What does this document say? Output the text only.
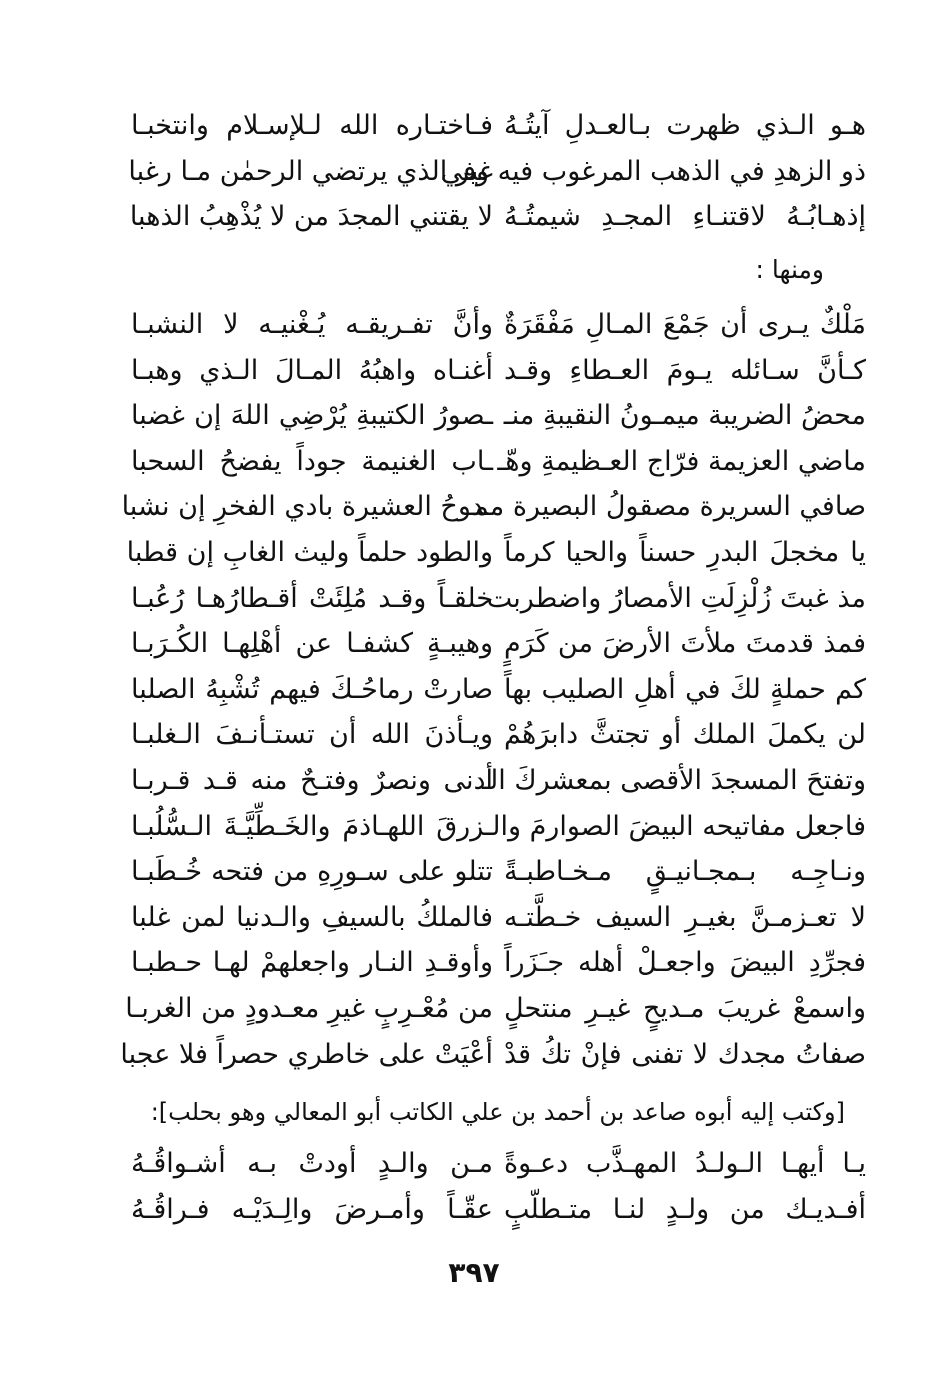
هـو الـذي ظهرت بـالعـدلِ آيتُـهُ
فـاختـاره الله لـلإسـلام وانتخبـا
ذو الزهدِ في الذهب المرغوب فيه وفي
غير الذي يرتضي الرحمٰن مـا رغبا
إذهـابُـهُ لاقتنـاءِ المجـدِ شيمتُـهُ
لا يقتني المجدَ من لا يُذْهِبُ الذهبا
ومنها :
مَلْكٌ يـرى أن جَمْعَ المـالِ مَفْقَرَةٌ
وأنَّ تفـريقـه يُـغْنيـه لا النشبـا
كـأنَّ سـائله يـومَ العـطاءِ وقـد
أغنـاه واهبُهُ المـالَ الـذي وهبـا
محضُ الضريبة ميمـونُ النقيبةِ منـ
ـصورُ الكتيبةِ يُرْضِي اللهَ إن غضبا
ماضي العزيمة فرّاج العـظيمةِ وهّـ
ـاب الغنيمة جوداً يفضحُ السحبا
صافي السريرة مصقولُ البصيرة ممـ
ـدوحُ العشيرة بادي الفخرِ إن نشبا
يا مخجلَ البدرِ حسناً والحيا كرماً
والطود حلماً وليث الغابِ إن قطبا
مذ غبتَ زُلْزِلَتِ الأمصارُ واضطربت
خلقـاً وقـد مُلِئَتْ أقـطارُهـا رُعُبـا
فمذ قدمتَ ملأتَ الأرضَ من كَرَمٍ
وهيبـةٍ كشفـا عن أهْلِهـا الكُـرَبـا
كم حملةٍ لكَ في أهلِ الصليب بهاً
صارتْ رماحُـكَ فيهم تُشْبِهُ الصلبا
لن يكملَ الملك أو تجتثَّ دابرَهُمْ
ويـأذنَ الله أن تستـأنـفَ الـغلبـا
وتفتحَ المسجدَ الأقصى بمعشركَ الـ
أدنى ونصرٌ وفتـحٌ منه قـد قـربـا
فاجعل مفاتيحه البيضَ الصوارمَ والـ
ـزرقَ اللهـاذمَ والخَـطِّيَّـةَ الـسُّلُبـا
ونـاجِـه بـمجـانيـقٍ مـخـاطبـةً
تتلو على سـورِهِ من فتحه خُـطَبـا
لا تعـزمـنَّ بغيـرِ السيف خـطَّتـه
فالملكُ بالسيفِ والـدنيا لمن غلبا
فجرِّدِ البيضَ واجعـلْ أهله جـَزَراً
وأوقـدِ النـار واجعلهمْ لهـا حـطبـا
واسمعْ غريبَ مـديحٍ غيـرِ منتحلٍ
من مُعْـرِبٍ غيرِ معـدودٍ من الغربـا
صفاتُ مجدك لا تفنى فإنْ تكُ قدْ
أعْيَتْ على خاطري حصراً فلا عجبا
[وكتب إليه أبوه صاعد بن أحمد بن علي الكاتب أبو المعالي وهو بحلب]:
يـا أيهـا الـولـدُ المهـذَّب دعـوةً
مـن والـدٍ أودتْ بـه أشـواقُـهُ
أفـديـك من ولـدٍ لنـا متـطلّبٍ
عقّـاً وأمـرضَ والِـدَيْـه فـراقُـهُ
٣٩٧
